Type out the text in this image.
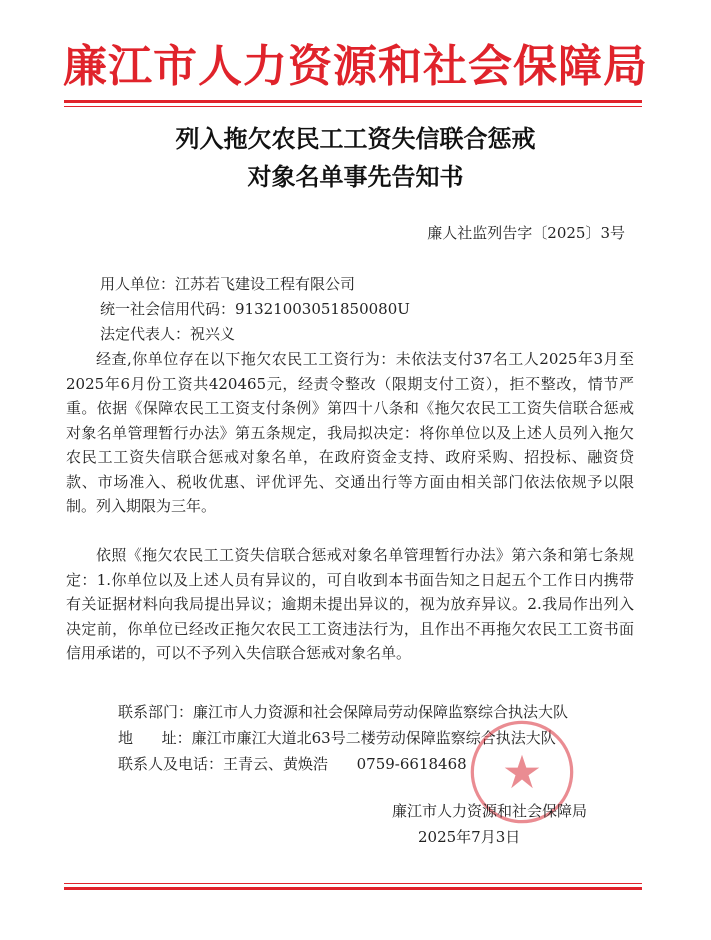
廉江市人力资源和社会保障局
列入拖欠农民工工资失信联合惩戒
对象名单事先告知书
廉人社监列告字〔2025〕3号
用人单位：江苏若飞建设工程有限公司
统一社会信用代码：91321003051850080U
法定代表人：祝兴义

经查,你单位存在以下拖欠农民工工资行为：未依法支付37名工人2025年3月至2025年6月份工资共420465元，经责令整改（限期支付工资），拒不整改，情节严重。依据《保障农民工工资支付条例》第四十八条和《拖欠农民工工资失信联合惩戒对象名单管理暂行办法》第五条规定，我局拟决定：将你单位以及上述人员列入拖欠农民工工资失信联合惩戒对象名单，在政府资金支持、政府采购、招投标、融资贷款、市场准入、税收优惠、评优评先、交通出行等方面由相关部门依法依规予以限制。列入期限为三年。

依照《拖欠农民工工资失信联合惩戒对象名单管理暂行办法》第六条和第七条规定：1.你单位以及上述人员有异议的，可自收到本书面告知之日起五个工作日内携带有关证据材料向我局提出异议；逾期未提出异议的，视为放弃异议。2.我局作出列入决定前，你单位已经改正拖欠农民工工资违法行为，且作出不再拖欠农民工工资书面信用承诺的，可以不予列入失信联合惩戒对象名单。

联系部门：廉江市人力资源和社会保障局劳动保障监察综合执法大队
地      址：廉江市廉江大道北63号二楼劳动保障监察综合执法大队
联系人及电话：王青云、黄焕浩      0759-6618468
廉江市人力资源和社会保障局
2025年7月3日
